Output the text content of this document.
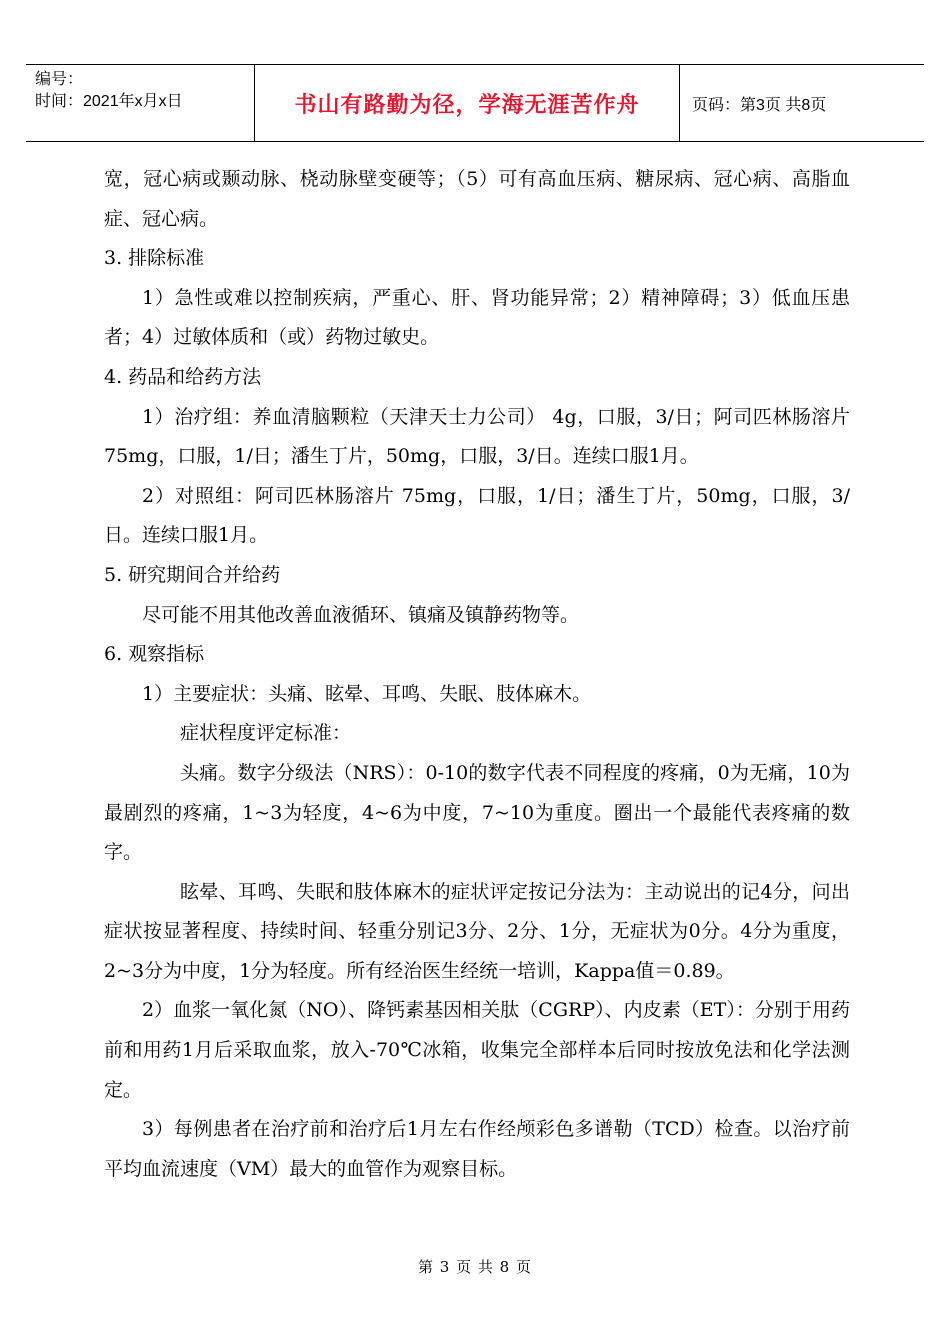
编号：
时间：2021年x月x日	书山有路勤为径，学海无涯苦作舟	页码：第3页 共8页

宽，冠心病或颞动脉、桡动脉壁变硬等；（5）可有高血压病、糖尿病、冠心病、高脂血症、冠心病。

3. 排除标准

1）急性或难以控制疾病，严重心、肝、肾功能异常；2）精神障碍；3）低血压患者；4）过敏体质和（或）药物过敏史。

4. 药品和给药方法

1）治疗组：养血清脑颗粒（天津天士力公司） 4g，口服，3/日；阿司匹林肠溶片 75mg，口服，1/日；潘生丁片，50mg，口服，3/日。连续口服1月。

2）对照组：阿司匹林肠溶片 75mg，口服，1/日；潘生丁片，50mg，口服，3/日。连续口服1月。

5. 研究期间合并给药

尽可能不用其他改善血液循环、镇痛及镇静药物等。

6. 观察指标

1）主要症状：头痛、眩晕、耳鸣、失眠、肢体麻木。

症状程度评定标准：

头痛。数字分级法（NRS）：0-10的数字代表不同程度的疼痛，0为无痛，10为最剧烈的疼痛，1~3为轻度，4~6为中度，7~10为重度。圈出一个最能代表疼痛的数字。

眩晕、耳鸣、失眠和肢体麻木的症状评定按记分法为：主动说出的记4分，问出症状按显著程度、持续时间、轻重分别记3分、2分、1分，无症状为0分。4分为重度，2~3分为中度，1分为轻度。所有经治医生经统一培训，Kappa值＝0.89。

2）血浆一氧化氮（NO）、降钙素基因相关肽（CGRP）、内皮素（ET）：分别于用药前和用药1月后采取血浆，放入-70℃冰箱，收集完全部样本后同时按放免法和化学法测定。

3）每例患者在治疗前和治疗后1月左右作经颅彩色多谱勒（TCD）检查。以治疗前平均血流速度（VM）最大的血管作为观察目标。

第 3 页 共 8 页
